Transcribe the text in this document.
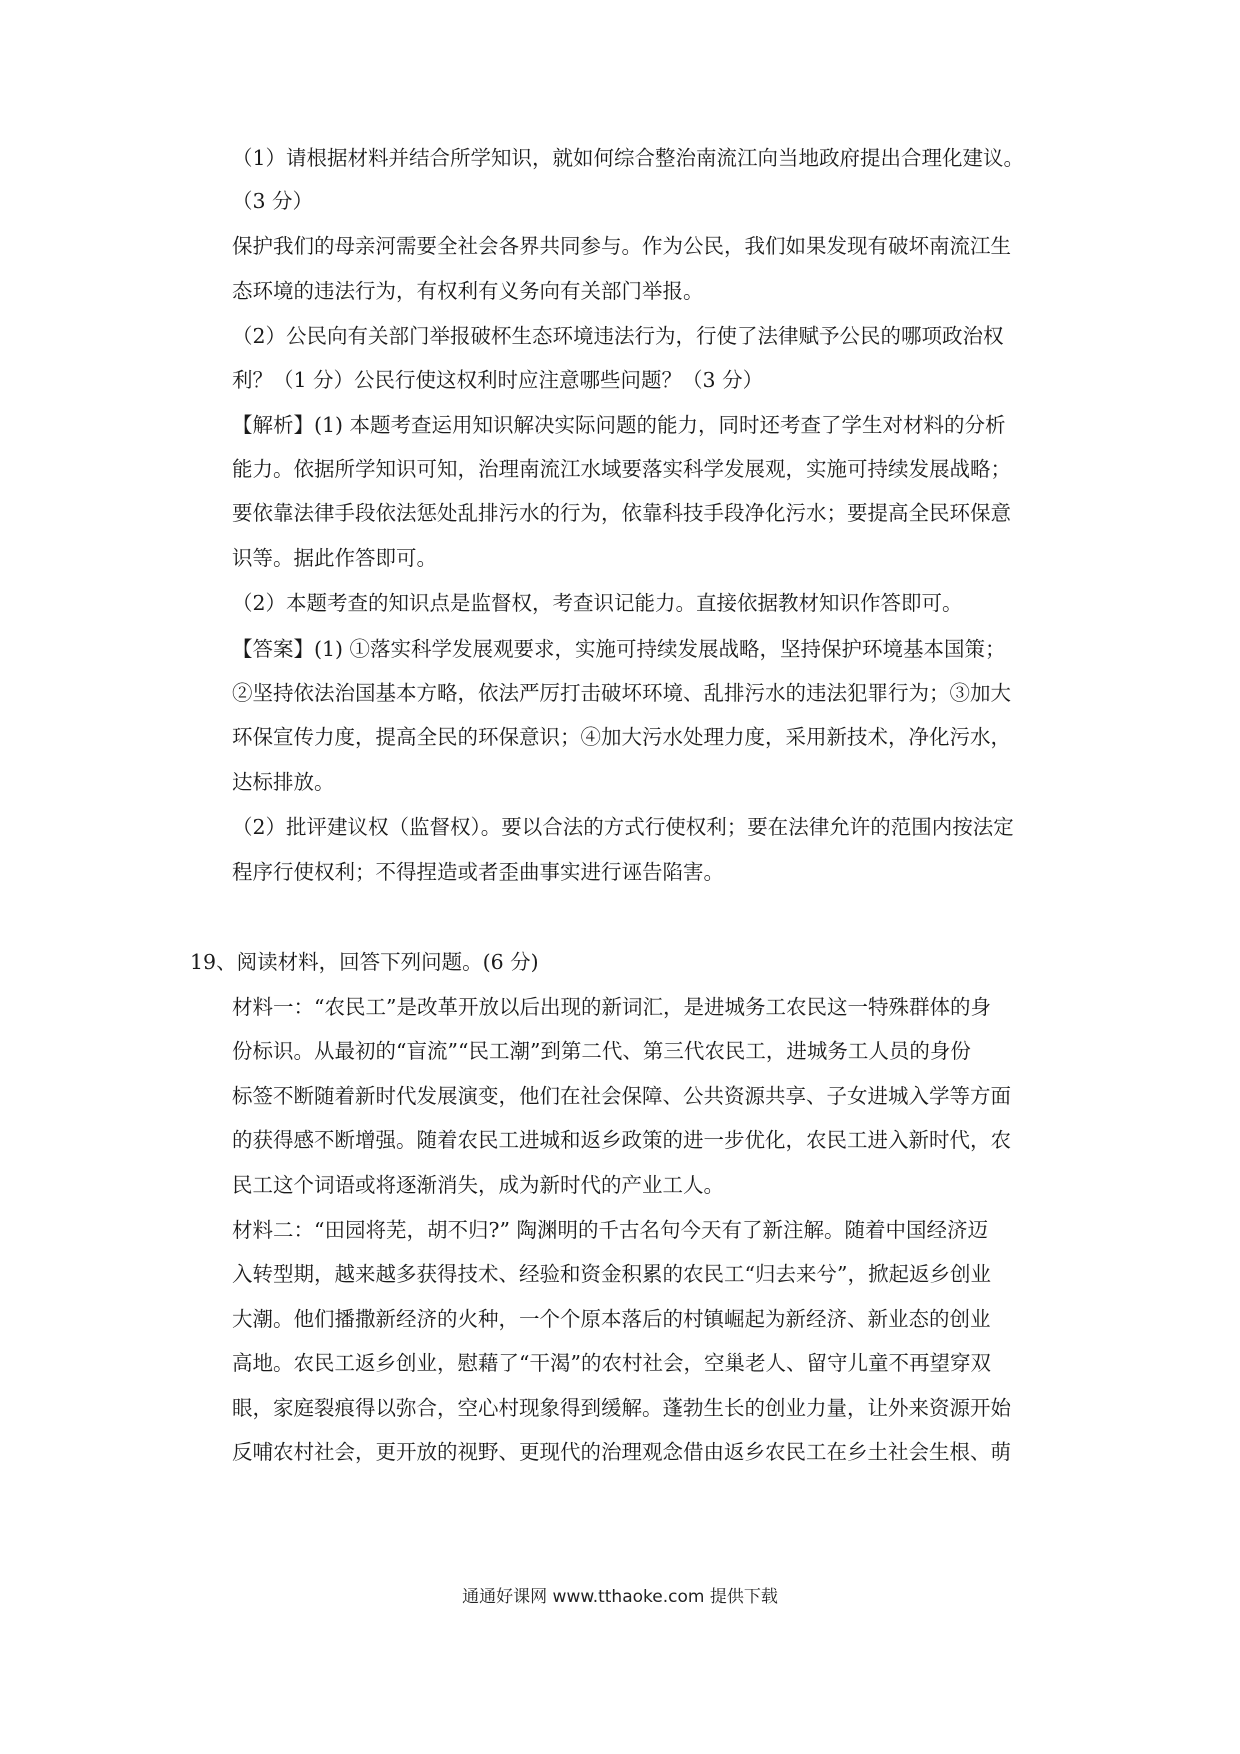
（1）请根据材料并结合所学知识，就如何综合整治南流江向当地政府提出合理化建议。
（3 分）
保护我们的母亲河需要全社会各界共同参与。作为公民，我们如果发现有破坏南流江生
态环境的违法行为，有权利有义务向有关部门举报。
（2）公民向有关部门举报破杯生态环境违法行为，行使了法律赋予公民的哪项政治权
利？（1 分）公民行使这权利时应注意哪些问题？（3 分）
【解析】(1) 本题考查运用知识解决实际问题的能力，同时还考查了学生对材料的分析
能力。依据所学知识可知，治理南流江水域要落实科学发展观，实施可持续发展战略；
要依靠法律手段依法惩处乱排污水的行为，依靠科技手段净化污水；要提高全民环保意
识等。据此作答即可。
（2）本题考查的知识点是监督权，考查识记能力。直接依据教材知识作答即可。
【答案】(1) ①落实科学发展观要求，实施可持续发展战略，坚持保护环境基本国策；
②坚持依法治国基本方略，依法严厉打击破坏环境、乱排污水的违法犯罪行为；③加大
环保宣传力度，提高全民的环保意识；④加大污水处理力度，采用新技术，净化污水，
达标排放。
（2）批评建议权（监督权）。要以合法的方式行使权利；要在法律允许的范围内按法定
程序行使权利；不得捏造或者歪曲事实进行诬告陷害。
19、阅读材料，回答下列问题。(6 分)
材料一：“农民工”是改革开放以后出现的新词汇，是进城务工农民这一特殊群体的身
份标识。从最初的“盲流”“民工潮”到第二代、第三代农民工，进城务工人员的身份
标签不断随着新时代发展演变，他们在社会保障、公共资源共享、子女进城入学等方面
的获得感不断增强。随着农民工进城和返乡政策的进一步优化，农民工进入新时代，农
民工这个词语或将逐渐消失，成为新时代的产业工人。
材料二：“田园将芜，胡不归?” 陶渊明的千古名句今天有了新注解。随着中国经济迈
入转型期，越来越多获得技术、经验和资金积累的农民工“归去来兮”，掀起返乡创业
大潮。他们播撒新经济的火种，一个个原本落后的村镇崛起为新经济、新业态的创业
高地。农民工返乡创业，慰藉了“干渴”的农村社会，空巢老人、留守儿童不再望穿双
眼，家庭裂痕得以弥合，空心村现象得到缓解。蓬勃生长的创业力量，让外来资源开始
反哺农村社会，更开放的视野、更现代的治理观念借由返乡农民工在乡土社会生根、萌
通通好课网 www.tthaoke.com 提供下载
